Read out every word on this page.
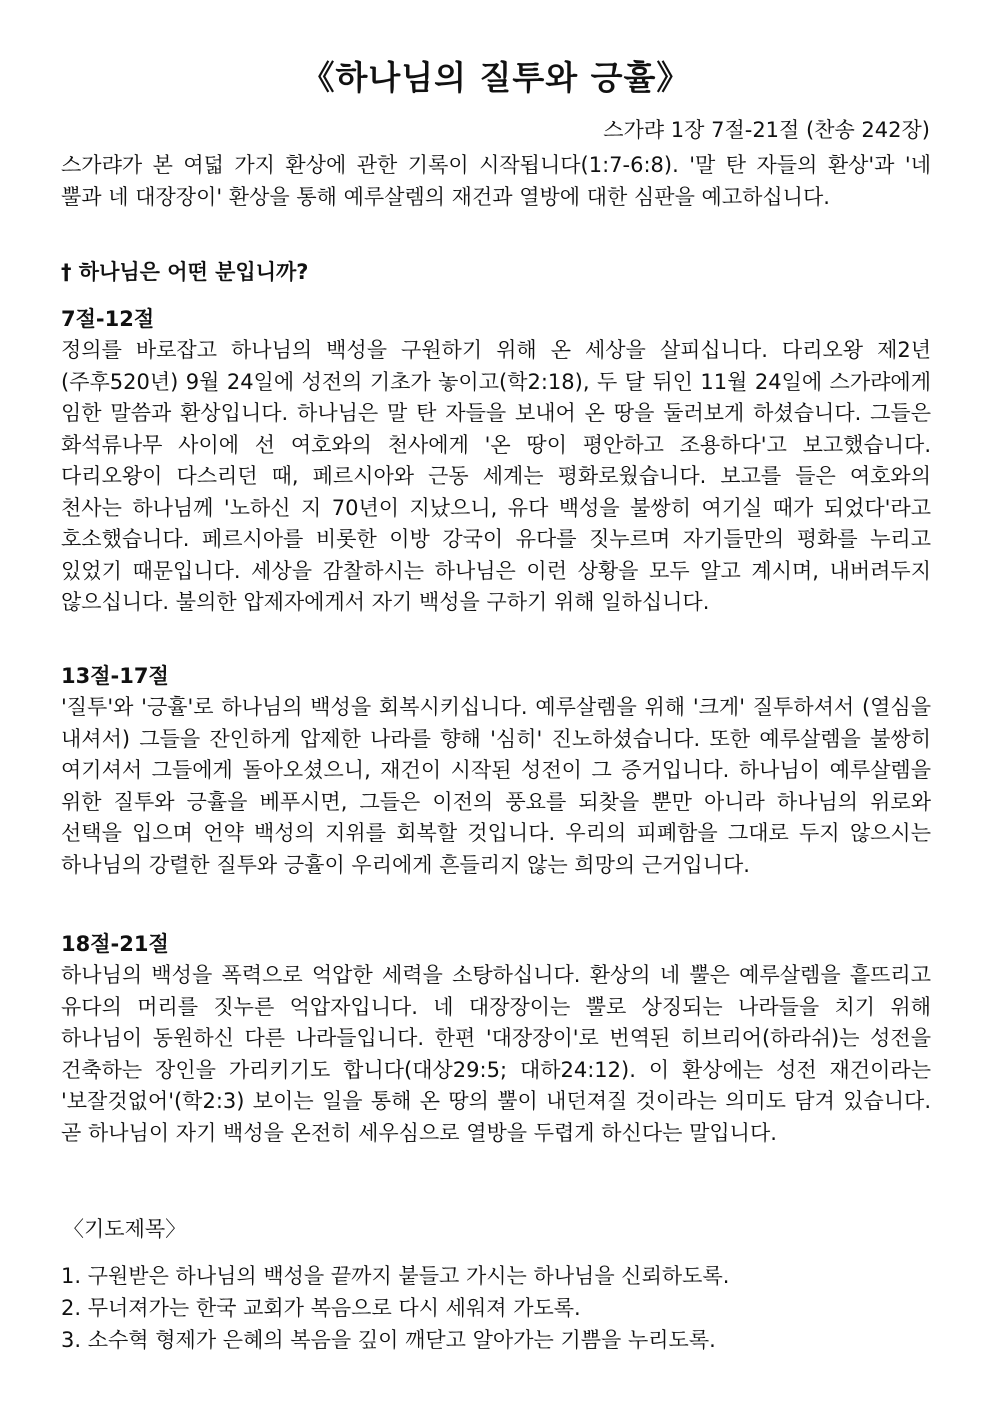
《하나님의 질투와 긍휼》

스가랴 1장 7절-21절 (찬송 242장)

스가랴가 본 여덟 가지 환상에 관한 기록이 시작됩니다(1:7-6:8). '말 탄 자들의 환상'과 '네 뿔과 네 대장장이' 환상을 통해 예루살렘의 재건과 열방에 대한 심판을 예고하십니다.

† 하나님은 어떤 분입니까?

7절-12절

정의를 바로잡고 하나님의 백성을 구원하기 위해 온 세상을 살피십니다. 다리오왕 제2년 (주후520년) 9월 24일에 성전의 기초가 놓이고(학2:18), 두 달 뒤인 11월 24일에 스가랴에게 임한 말씀과 환상입니다. 하나님은 말 탄 자들을 보내어 온 땅을 둘러보게 하셨습니다. 그들은 화석류나무 사이에 선 여호와의 천사에게 '온 땅이 평안하고 조용하다'고 보고했습니다. 다리오왕이 다스리던 때, 페르시아와 근동 세계는 평화로웠습니다. 보고를 들은 여호와의 천사는 하나님께 '노하신 지 70년이 지났으니, 유다 백성을 불쌍히 여기실 때가 되었다'라고 호소했습니다. 페르시아를 비롯한 이방 강국이 유다를 짓누르며 자기들만의 평화를 누리고 있었기 때문입니다. 세상을 감찰하시는 하나님은 이런 상황을 모두 알고 계시며, 내버려두지 않으십니다. 불의한 압제자에게서 자기 백성을 구하기 위해 일하십니다.

13절-17절

'질투'와 '긍휼'로 하나님의 백성을 회복시키십니다. 예루살렘을 위해 '크게' 질투하셔서 (열심을 내셔서) 그들을 잔인하게 압제한 나라를 향해 '심히' 진노하셨습니다. 또한 예루살렘을 불쌍히 여기셔서 그들에게 돌아오셨으니, 재건이 시작된 성전이 그 증거입니다. 하나님이 예루살렘을 위한 질투와 긍휼을 베푸시면, 그들은 이전의 풍요를 되찾을 뿐만 아니라 하나님의 위로와 선택을 입으며 언약 백성의 지위를 회복할 것입니다. 우리의 피폐함을 그대로 두지 않으시는 하나님의 강렬한 질투와 긍휼이 우리에게 흔들리지 않는 희망의 근거입니다.

18절-21절

하나님의 백성을 폭력으로 억압한 세력을 소탕하십니다. 환상의 네 뿔은 예루살렘을 흩뜨리고 유다의 머리를 짓누른 억압자입니다. 네 대장장이는 뿔로 상징되는 나라들을 치기 위해 하나님이 동원하신 다른 나라들입니다. 한편 '대장장이'로 번역된 히브리어(하라쉬)는 성전을 건축하는 장인을 가리키기도 합니다(대상29:5; 대하24:12). 이 환상에는 성전 재건이라는 '보잘것없어'(학2:3) 보이는 일을 통해 온 땅의 뿔이 내던져질 것이라는 의미도 담겨 있습니다. 곧 하나님이 자기 백성을 온전히 세우심으로 열방을 두렵게 하신다는 말입니다.

〈기도제목〉

1. 구원받은 하나님의 백성을 끝까지 붙들고 가시는 하나님을 신뢰하도록.
2. 무너져가는 한국 교회가 복음으로 다시 세워져 가도록.
3. 소수혁 형제가 은혜의 복음을 깊이 깨닫고 알아가는 기쁨을 누리도록.
